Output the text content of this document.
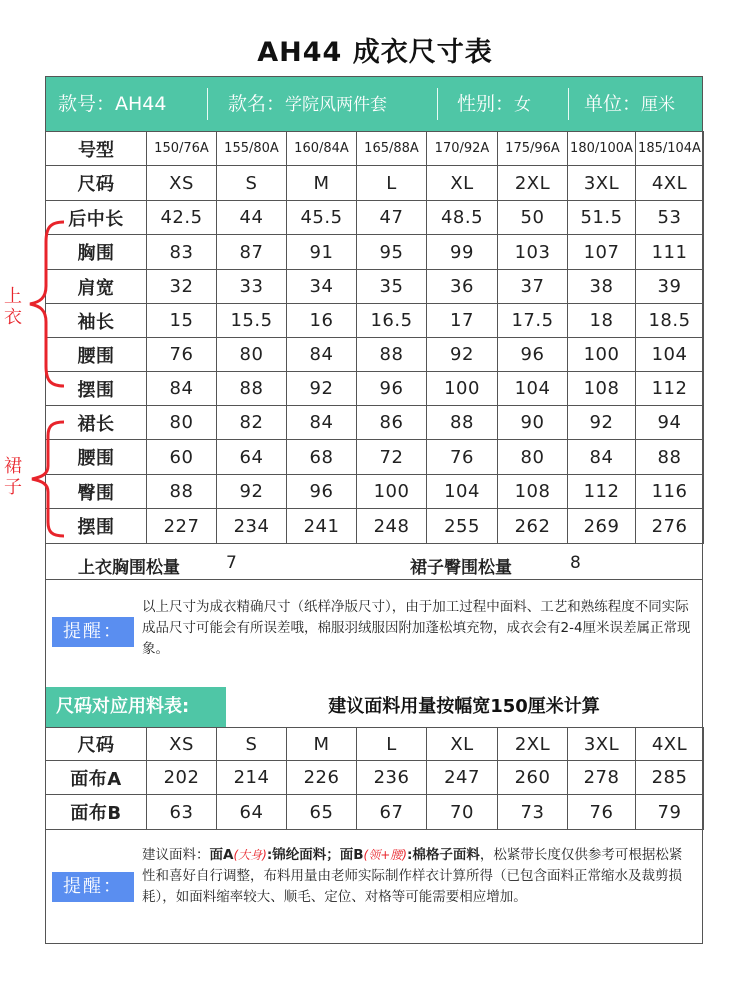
AH44 成衣尺寸表
款号：AH44	款名：学院风两件套	性别：女	单位：厘米
号型	150/76A	155/80A	160/84A	165/88A	170/92A	175/96A	180/100A	185/104A
尺码	XS	S	M	L	XL	2XL	3XL	4XL
后中长	42.5	44	45.5	47	48.5	50	51.5	53
胸围	83	87	91	95	99	103	107	111
肩宽	32	33	34	35	36	37	38	39
袖长	15	15.5	16	16.5	17	17.5	18	18.5
腰围	76	80	84	88	92	96	100	104
摆围	84	88	92	96	100	104	108	112
裙长	80	82	84	86	88	90	92	94
腰围	60	64	68	72	76	80	84	88
臀围	88	92	96	100	104	108	112	116
摆围	227	234	241	248	255	262	269	276
上衣胸围松量	7	裙子臀围松量	8
提醒：
以上尺寸为成衣精确尺寸（纸样净版尺寸），由于加工过程中面料、工艺和熟练程度不同实际成品尺寸可能会有所误差哦，棉服羽绒服因附加蓬松填充物，成衣会有2-4厘米误差属正常现象。
尺码对应用料表:	建议面料用量按幅宽150厘米计算
尺码	XS	S	M	L	XL	2XL	3XL	4XL
面布A	202	214	226	236	247	260	278	285
面布B	63	64	65	67	70	73	76	79
提醒：
建议面料：面A(大身):锦纶面料；面B(领+腰):棉格子面料，松紧带长度仅供参考可根据松紧性和喜好自行调整，布料用量由老师实际制作样衣计算所得（已包含面料正常缩水及裁剪损耗），如面料缩率较大、顺毛、定位、对格等可能需要相应增加。
上衣
裙子
